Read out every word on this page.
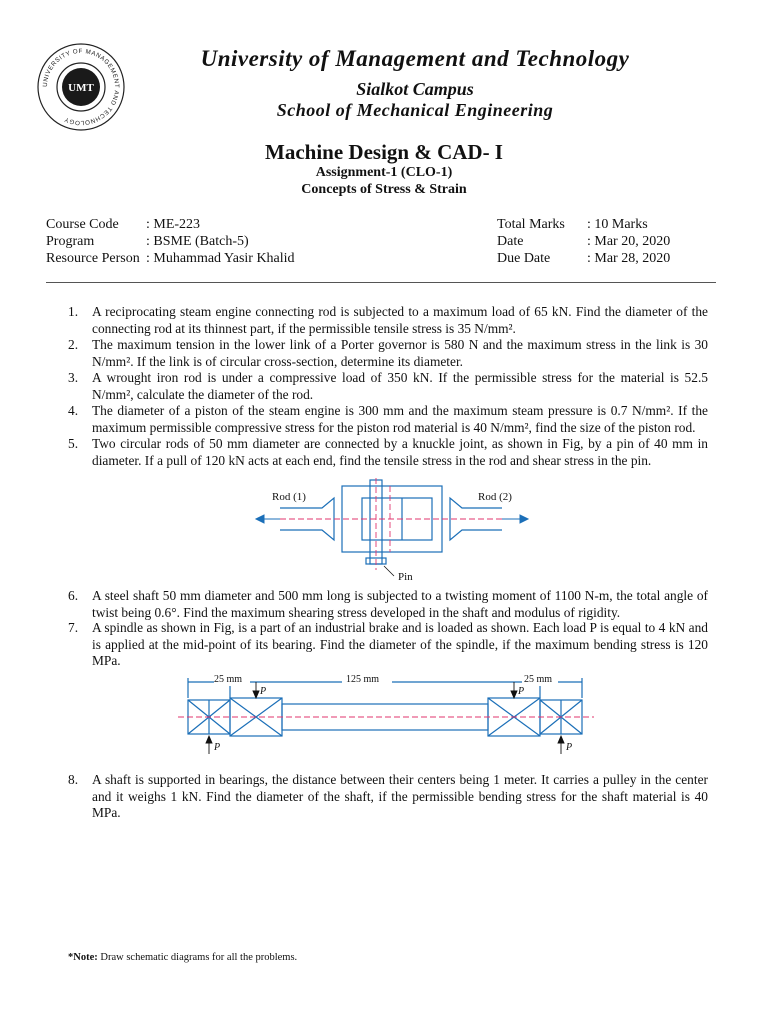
UNIVERSITY OF MANAGEMENT AND TECHNOLOGY
UMT
University of Management and Technology
Sialkot Campus
School of Mechanical Engineering
Machine Design & CAD- I
Assignment-1 (CLO-1)
Concepts of Stress & Strain
Course Code : ME-223
Program	: BSME (Batch-5)
Resource Person : Muhammad Yasir Khalid
Total Marks : 10 Marks
Date	: Mar 20, 2020
Due Date	: Mar 28, 2020
1.	A reciprocating steam engine connecting rod is subjected to a maximum load of 65 kN. Find the diameter of the connecting rod at its thinnest part, if the permissible tensile stress is 35 N/mm².
2.	The maximum tension in the lower link of a Porter governor is 580 N and the maximum stress in the link is 30 N/mm². If the link is of circular cross-section, determine its diameter.
3.	A wrought iron rod is under a compressive load of 350 kN. If the permissible stress for the material is 52.5 N/mm², calculate the diameter of the rod.
4.	The diameter of a piston of the steam engine is 300 mm and the maximum steam pressure is 0.7 N/mm². If the maximum permissible compressive stress for the piston rod material is 40 N/mm², find the size of the piston rod.
5.	Two circular rods of 50 mm diameter are connected by a knuckle joint, as shown in Fig, by a pin of 40 mm in diameter. If a pull of 120 kN acts at each end, find the tensile stress in the rod and shear stress in the pin.
Rod (1)	Rod (2)
Pin
6.	A steel shaft 50 mm diameter and 500 mm long is subjected to a twisting moment of 1100 N-m, the total angle of twist being 0.6°. Find the maximum shearing stress developed in the shaft and modulus of rigidity.
7.	A spindle as shown in Fig, is a part of an industrial brake and is loaded as shown. Each load P is equal to 4 kN and is applied at the mid-point of its bearing. Find the diameter of the spindle, if the maximum bending stress is 120 MPa.
25 mm	125 mm	25 mm
P	P
P	P
8.	A shaft is supported in bearings, the distance between their centers being 1 meter. It carries a pulley in the center and it weighs 1 kN. Find the diameter of the shaft, if the permissible bending stress for the shaft material is 40 MPa.
*Note: Draw schematic diagrams for all the problems.
